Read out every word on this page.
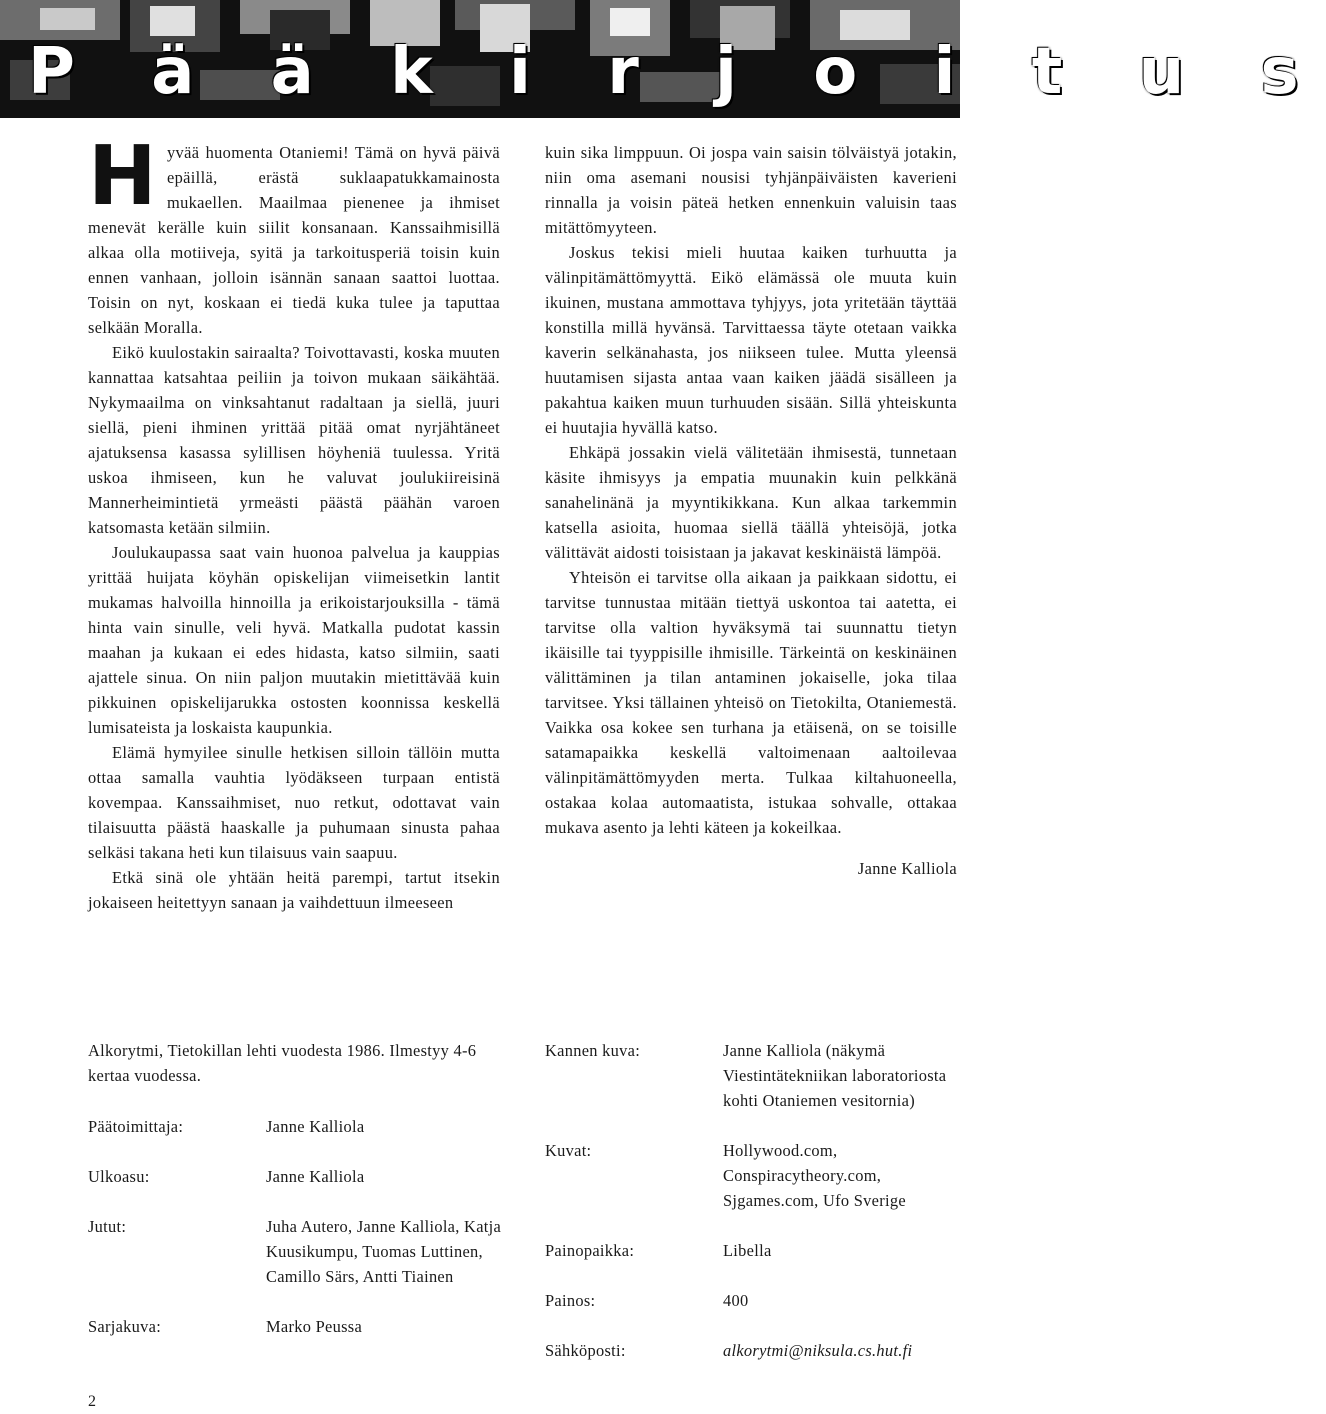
P ä ä k i r j o i t u s

Hyvää huomenta Otaniemi! Tämä on hyvä päivä epäillä, erästä suklaapatukkamainosta mukaellen. Maailmaa pienenee ja ihmiset menevät kerälle kuin siilit konsanaan. Kanssaihmisillä alkaa olla motiiveja, syitä ja tarkoitusperiä toisin kuin ennen vanhaan, jolloin isännän sanaan saattoi luottaa. Toisin on nyt, koskaan ei tiedä kuka tulee ja taputtaa selkään Moralla.

Eikö kuulostakin sairaalta? Toivottavasti, koska muuten kannattaa katsahtaa peiliin ja toivon mukaan säikähtää. Nykymaailma on vinksahtanut radaltaan ja siellä, juuri siellä, pieni ihminen yrittää pitää omat nyrjähtäneet ajatuksensa kasassa sylillisen höyheniä tuulessa. Yritä uskoa ihmiseen, kun he valuvat joulukiireisinä Mannerheimintietä yrmeästi päästä päähän varoen katsomasta ketään silmiin.

Joulukaupassa saat vain huonoa palvelua ja kauppias yrittää huijata köyhän opiskelijan viimeisetkin lantit mukamas halvoilla hinnoilla ja erikoistarjouksilla - tämä hinta vain sinulle, veli hyvä. Matkalla pudotat kassin maahan ja kukaan ei edes hidasta, katso silmiin, saati ajattele sinua. On niin paljon muutakin mietittävää kuin pikkuinen opiskelijarukka ostosten koonnissa keskellä lumisateista ja loskaista kaupunkia.

Elämä hymyilee sinulle hetkisen silloin tällöin mutta ottaa samalla vauhtia lyödäkseen turpaan entistä kovempaa. Kanssaihmiset, nuo retkut, odottavat vain tilaisuutta päästä haaskalle ja puhumaan sinusta pahaa selkäsi takana heti kun tilaisuus vain saapuu.

Etkä sinä ole yhtään heitä parempi, tartut itsekin jokaiseen heitettyyn sanaan ja vaihdettuun ilmeeseen

kuin sika limppuun. Oi jospa vain saisin tölväistyä jotakin, niin oma asemani nousisi tyhjänpäiväisten kaverieni rinnalla ja voisin päteä hetken ennenkuin valuisin taas mitättömyyteen.

Joskus tekisi mieli huutaa kaiken turhuutta ja välinpitämättömyyttä. Eikö elämässä ole muuta kuin ikuinen, mustana ammottava tyhjyys, jota yritetään täyttää konstilla millä hyvänsä. Tarvittaessa täyte otetaan vaikka kaverin selkänahasta, jos niikseen tulee. Mutta yleensä huutamisen sijasta antaa vaan kaiken jäädä sisälleen ja pakahtua kaiken muun turhuuden sisään. Sillä yhteiskunta ei huutajia hyvällä katso.

Ehkäpä jossakin vielä välitetään ihmisestä, tunnetaan käsite ihmisyys ja empatia muunakin kuin pelkkänä sanahelinänä ja myyntikikkana. Kun alkaa tarkemmin katsella asioita, huomaa siellä täällä yhteisöjä, jotka välittävät aidosti toisistaan ja jakavat keskinäistä lämpöä.

Yhteisön ei tarvitse olla aikaan ja paikkaan sidottu, ei tarvitse tunnustaa mitään tiettyä uskontoa tai aatetta, ei tarvitse olla valtion hyväksymä tai suunnattu tietyn ikäisille tai tyyppisille ihmisille. Tärkeintä on keskinäinen välittäminen ja tilan antaminen jokaiselle, joka tilaa tarvitsee. Yksi tällainen yhteisö on Tietokilta, Otaniemestä. Vaikka osa kokee sen turhana ja etäisenä, on se toisille satamapaikka keskellä valtoimenaan aaltoilevaa välinpitämättömyyden merta. Tulkaa kiltahuoneella, ostakaa kolaa automaatista, istukaa sohvalle, ottakaa mukava asento ja lehti käteen ja kokeilkaa.

Janne Kalliola

Alkorytmi, Tietokillan lehti vuodesta 1986. Ilmestyy 4-6 kertaa vuodessa.

Päätoimittaja:	Janne Kalliola
Ulkoasu:	Janne Kalliola
Jutut:	Juha Autero, Janne Kalliola, Katja Kuusikumpu, Tuomas Luttinen, Camillo Särs, Antti Tiainen
Sarjakuva:	Marko Peussa
Kannen kuva:	Janne Kalliola (näkymä Viestintätekniikan laboratoriosta kohti Otaniemen vesitornia)
Kuvat:	Hollywood.com, Conspiracytheory.com, Sjgames.com, Ufo Sverige
Painopaikka:	Libella
Painos:	400
Sähköposti:	alkorytmi@niksula.cs.hut.fi
2
